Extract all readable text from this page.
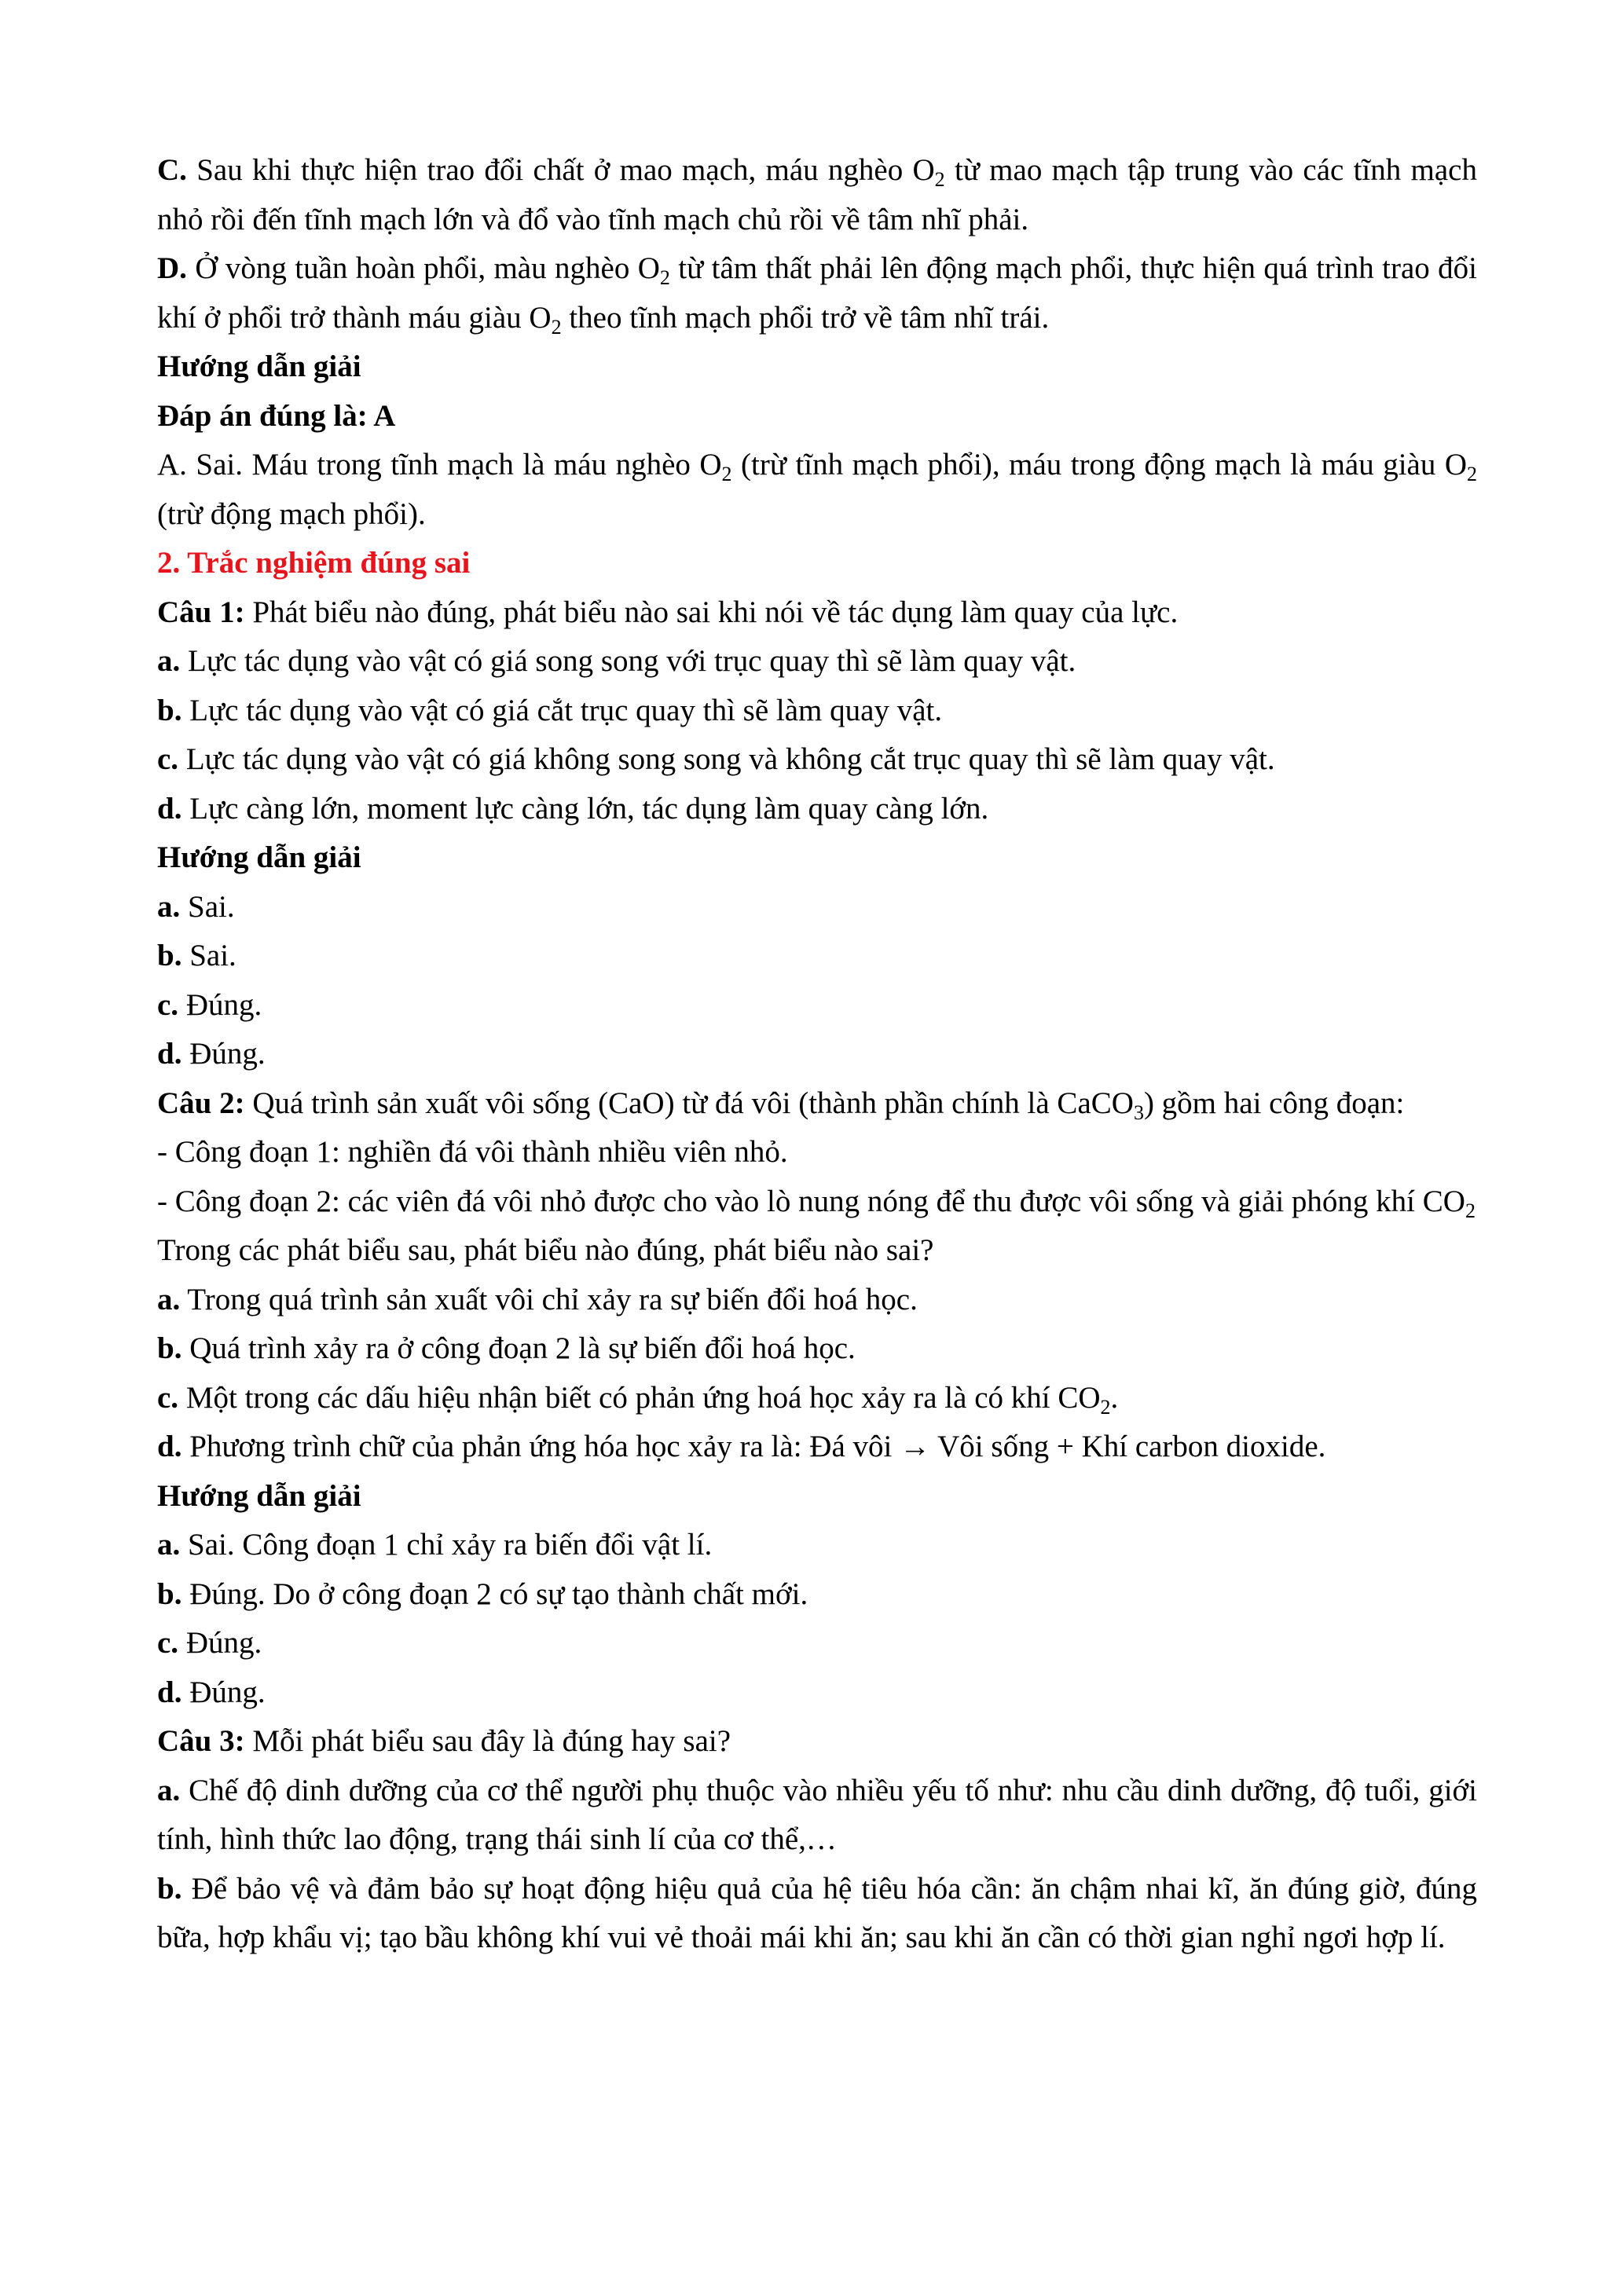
C. Sau khi thực hiện trao đổi chất ở mao mạch, máu nghèo $O_2$ từ mao mạch tập trung vào các tĩnh mạch nhỏ rồi đến tĩnh mạch lớn và đổ vào tĩnh mạch chủ rồi về tâm nhĩ phải.

D. Ở vòng tuần hoàn phổi, màu nghèo $O_2$ từ tâm thất phải lên động mạch phổi, thực hiện quá trình trao đổi khí ở phổi trở thành máu giàu $O_2$ theo tĩnh mạch phổi trở về tâm nhĩ trái.

Hướng dẫn giải

Đáp án đúng là: A

A. Sai. Máu trong tĩnh mạch là máu nghèo $O_2$ (trừ tĩnh mạch phổi), máu trong động mạch là máu giàu $O_2$ (trừ động mạch phổi).

2. Trắc nghiệm đúng sai

Câu 1: Phát biểu nào đúng, phát biểu nào sai khi nói về tác dụng làm quay của lực.

a. Lực tác dụng vào vật có giá song song với trục quay thì sẽ làm quay vật.

b. Lực tác dụng vào vật có giá cắt trục quay thì sẽ làm quay vật.

c. Lực tác dụng vào vật có giá không song song và không cắt trục quay thì sẽ làm quay vật.

d. Lực càng lớn, moment lực càng lớn, tác dụng làm quay càng lớn.

Hướng dẫn giải

a. Sai.

b. Sai.

c. Đúng.

d. Đúng.

Câu 2: Quá trình sản xuất vôi sống (CaO) từ đá vôi (thành phần chính là CaCO$_3$) gồm hai công đoạn:

- Công đoạn 1: nghiền đá vôi thành nhiều viên nhỏ.

- Công đoạn 2: các viên đá vôi nhỏ được cho vào lò nung nóng để thu được vôi sống và giải phóng khí $CO_2$

Trong các phát biểu sau, phát biểu nào đúng, phát biểu nào sai?

a. Trong quá trình sản xuất vôi chỉ xảy ra sự biến đổi hoá học.

b. Quá trình xảy ra ở công đoạn 2 là sự biến đổi hoá học.

c. Một trong các dấu hiệu nhận biết có phản ứng hoá học xảy ra là có khí $CO_2$.

d. Phương trình chữ của phản ứng hóa học xảy ra là: Đá vôi → Vôi sống + Khí carbon dioxide.

Hướng dẫn giải

a. Sai. Công đoạn 1 chỉ xảy ra biến đổi vật lí.

b. Đúng. Do ở công đoạn 2 có sự tạo thành chất mới.

c. Đúng.

d. Đúng.

Câu 3: Mỗi phát biểu sau đây là đúng hay sai?

a. Chế độ dinh dưỡng của cơ thể người phụ thuộc vào nhiều yếu tố như: nhu cầu dinh dưỡng, độ tuổi, giới tính, hình thức lao động, trạng thái sinh lí của cơ thể,…

b. Để bảo vệ và đảm bảo sự hoạt động hiệu quả của hệ tiêu hóa cần: ăn chậm nhai kĩ, ăn đúng giờ, đúng bữa, hợp khẩu vị; tạo bầu không khí vui vẻ thoải mái khi ăn; sau khi ăn cần có thời gian nghỉ ngơi hợp lí.
